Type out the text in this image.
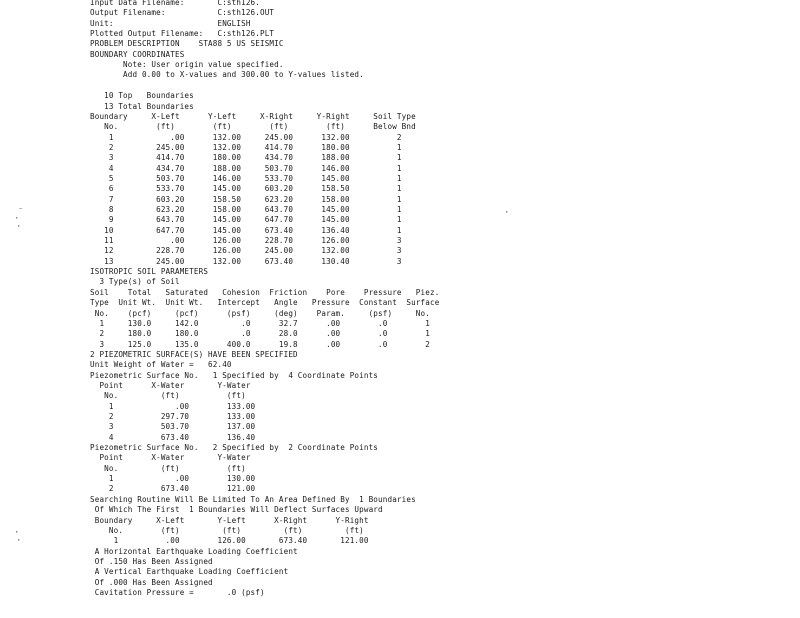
Input Data Filename:       C:sth126.
Output Filename:           C:sth126.OUT
Unit:                      ENGLISH
Plotted Output Filename:   C:sth126.PLT
PROBLEM DESCRIPTION    STA88 5 US SEISMIC
BOUNDARY COORDINATES
Note: User origin value specified.
Add 0.00 to X-values and 300.00 to Y-values listed.
10 Top   Boundaries
13 Total Boundaries
Boundary     X-Left      Y-Left     X-Right     Y-Right     Soil Type
No.        (ft)        (ft)        (ft)        (ft)      Below Bnd
1            .00      132.00     245.00      132.00          2
2         245.00      132.00     414.70      180.00          1
3         414.70      180.00     434.70      188.00          1
4         434.70      188.00     503.70      146.00          1
5         503.70      146.00     533.70      145.00          1
6         533.70      145.00     603.20      158.50          1
7         603.20      158.50     623.20      158.00          1
8         623.20      158.00     643.70      145.00          1
9         643.70      145.00     647.70      145.00          1
10         647.70      145.00     673.40      136.40          1
11            .00      126.00     228.70      126.00          3
12         228.70      126.00     245.00      132.00          3
13         245.00      132.00     673.40      130.40          3
ISOTROPIC SOIL PARAMETERS
3 Type(s) of Soil
Soil    Total   Saturated   Cohesion  Friction    Pore    Pressure   Piez.
Type  Unit Wt.  Unit Wt.   Intercept   Angle   Pressure  Constant  Surface
No.    (pcf)     (pcf)      (psf)     (deg)    Param.     (psf)     No.
1     130.0     142.0         .0      32.7      .00        .0        1
2     180.0     180.0         .0      28.0      .00        .0        1
3     125.0     135.0      400.0      19.8      .00        .0        2
2 PIEZOMETRIC SURFACE(S) HAVE BEEN SPECIFIED
Unit Weight of Water =   62.40
Piezometric Surface No.   1 Specified by  4 Coordinate Points
Point      X-Water       Y-Water
No.         (ft)          (ft)
1             .00        133.00
2          297.70        133.00
3          503.70        137.00
4          673.40        136.40
Piezometric Surface No.   2 Specified by  2 Coordinate Points
Point      X-Water       Y-Water
No.         (ft)          (ft)
1             .00        130.00
2          673.40        121.00
Searching Routine Will Be Limited To An Area Defined By  1 Boundaries
Of Which The First  1 Boundaries Will Deflect Surfaces Upward
Boundary     X-Left       Y-Left      X-Right      Y-Right
No.        (ft)         (ft)         (ft)         (ft)
1          .00        126.00       673.40       121.00
A Horizontal Earthquake Loading Coefficient
Of .150 Has Been Assigned
A Vertical Earthquake Loading Coefficient
Of .000 Has Been Assigned
Cavitation Pressure =       .0 (psf)
⁻
·
·
·
·
·
